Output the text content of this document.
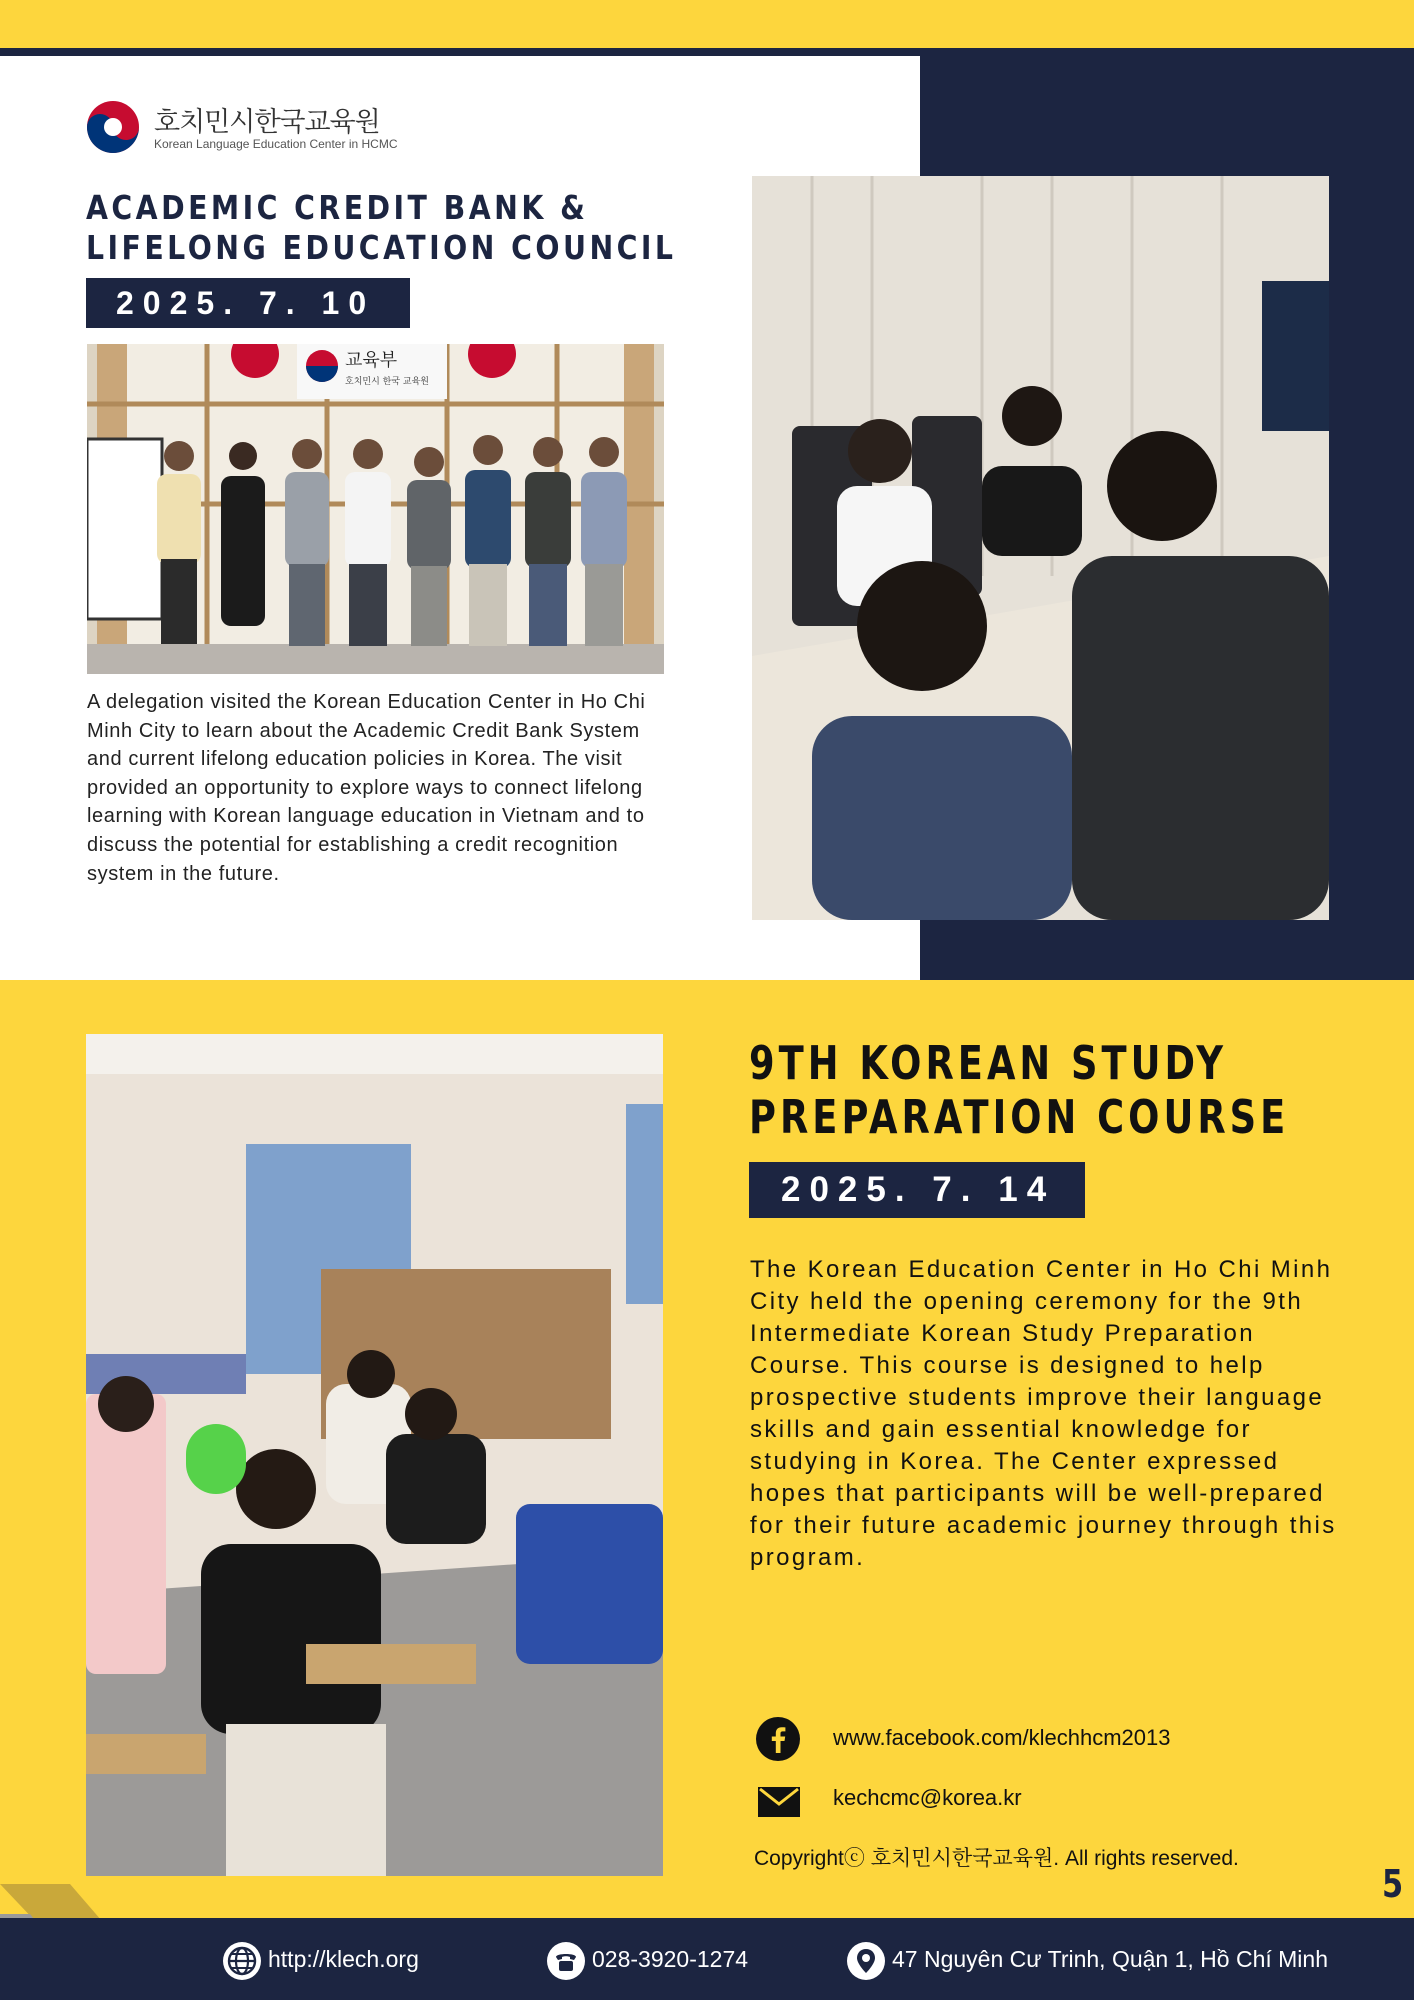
호치민시한국교육원
Korean Language Education Center in HCMC
ACADEMIC CREDIT BANK &
LIFELONG EDUCATION COUNCIL
2025. 7. 10
교육부
호치민시 한국 교육원
A delegation visited the Korean Education Center in Ho Chi Minh City to learn about the Academic Credit Bank System and current lifelong education policies in Korea. The visit provided an opportunity to explore ways to connect lifelong learning with Korean language education in Vietnam and to discuss the potential for establishing a credit recognition system in the future.
9TH KOREAN STUDY
PREPARATION COURSE
2025. 7. 14
The Korean Education Center in Ho Chi Minh City held the opening ceremony for the 9th Intermediate Korean Study Preparation Course. This course is designed to help prospective students improve their language skills and gain essential knowledge for studying in Korea. The Center expressed hopes that participants will be well-prepared for their future academic journey through this program.
www.facebook.com/klechhcm2013
kechcmc@korea.kr
Copyrightⓒ 호치민시한국교육원. All rights reserved.
5
http://klech.org	028-3920-1274	47 Nguyên Cư Trinh, Quận 1, Hồ Chí Minh
